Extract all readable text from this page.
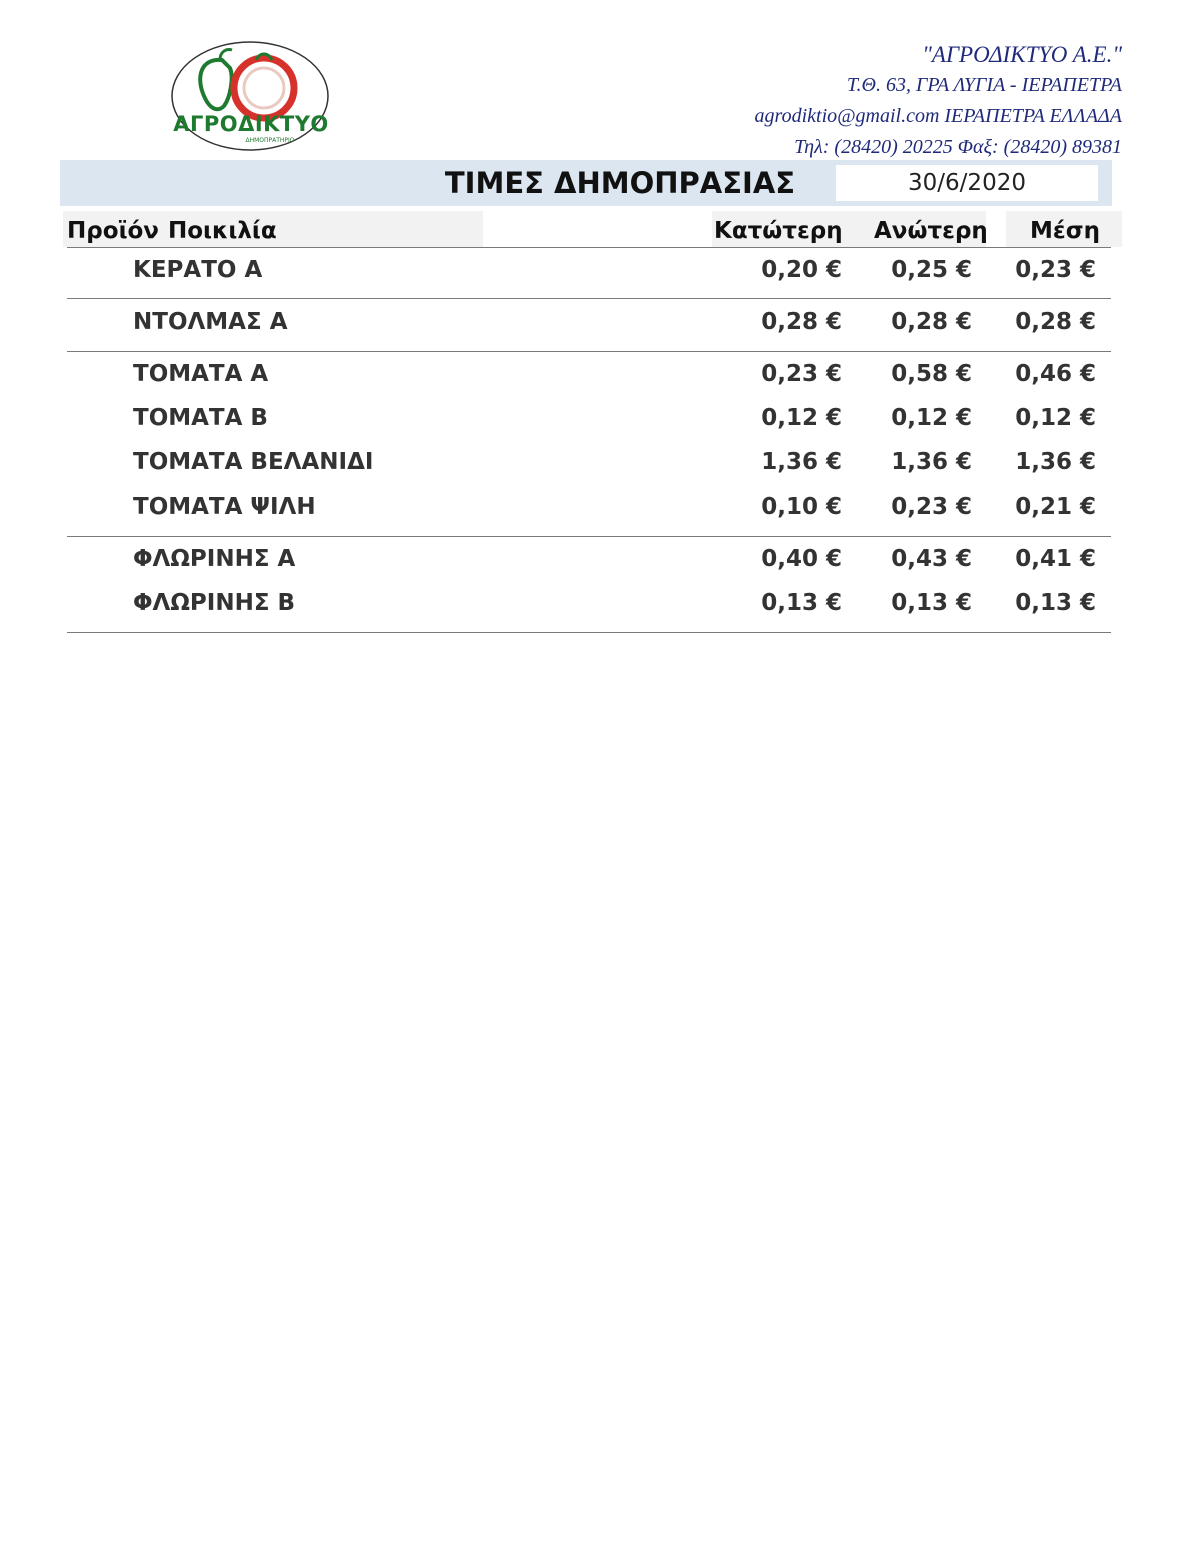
ΑΓΡΟΔΙΚΤΥΟ
ΔΗΜΟΠΡΑΤΗΡΙΟ
"ΑΓΡΟΔΙΚΤΥΟ Α.Ε."
Τ.Θ. 63, ΓΡΑ ΛΥΓΙΑ - ΙΕΡΑΠΕΤΡΑ
agrodiktio@gmail.com ΙΕΡΑΠΕΤΡΑ ΕΛΛΑΔΑ
Τηλ: (28420) 20225 Φαξ: (28420) 89381
ΤΙΜΕΣ ΔΗΜΟΠΡΑΣΙΑΣ	30/6/2020
Προϊόν Ποικιλία	Κατώτερη Ανώτερη Μέση
ΚΕΡΑΤΟ Α	0,20 €	0,25 €	0,23 €
ΝΤΟΛΜΑΣ Α	0,28 €	0,28 €	0,28 €
ΤΟΜΑΤΑ Α	0,23 €	0,58 €	0,46 €
ΤΟΜΑΤΑ Β	0,12 €	0,12 €	0,12 €
ΤΟΜΑΤΑ ΒΕΛΑΝΙΔΙ	1,36 €	1,36 €	1,36 €
ΤΟΜΑΤΑ ΨΙΛΗ	0,10 €	0,23 €	0,21 €
ΦΛΩΡΙΝΗΣ Α	0,40 €	0,43 €	0,41 €
ΦΛΩΡΙΝΗΣ Β	0,13 €	0,13 €	0,13 €
